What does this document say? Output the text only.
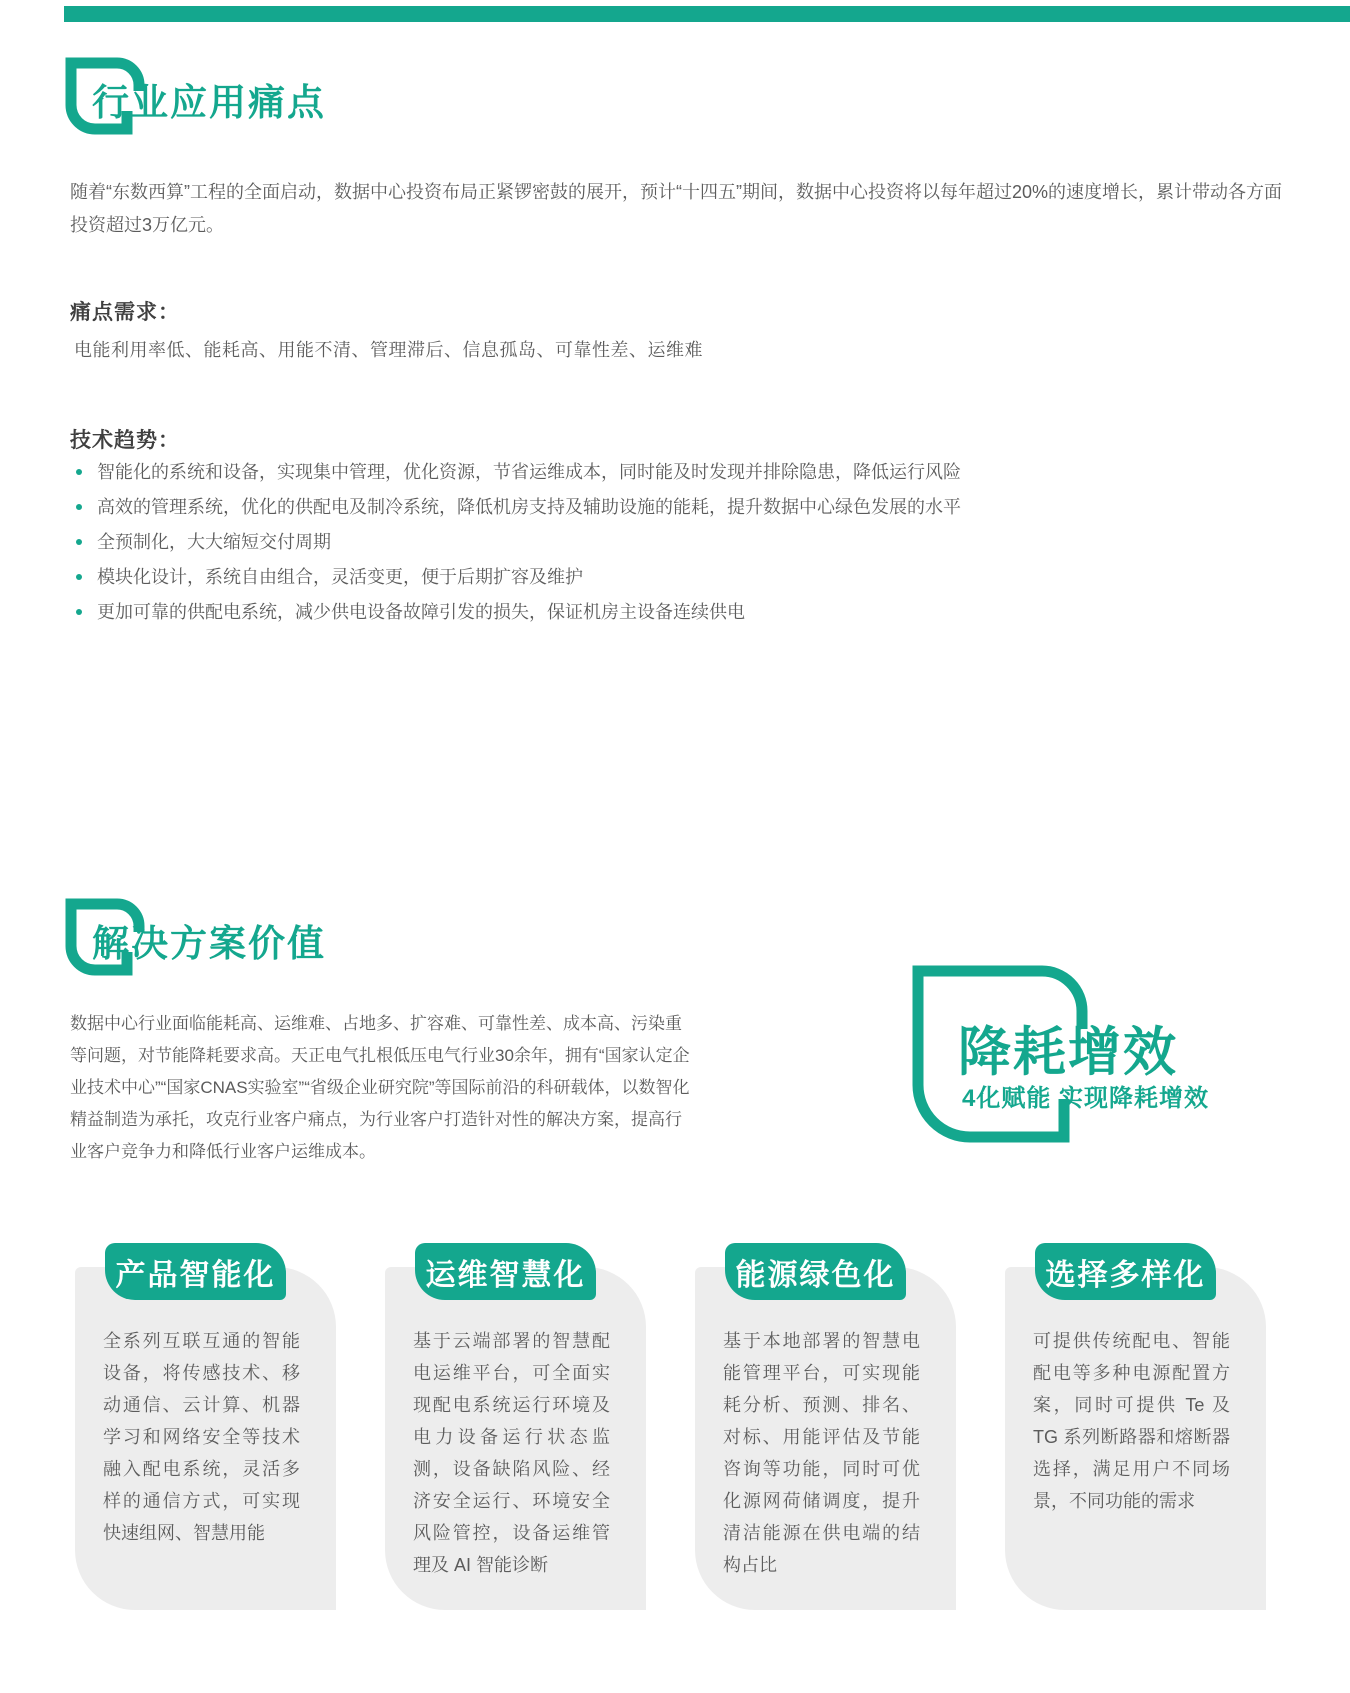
行业应用痛点

随着“东数西算”工程的全面启动，数据中心投资布局正紧锣密鼓的展开，预计“十四五”期间，数据中心投资将以每年超过20%的速度增长，累计带动各方面投资超过3万亿元。

痛点需求：

电能利用率低、能耗高、用能不清、管理滞后、信息孤岛、可靠性差、运维难

技术趋势：
智能化的系统和设备，实现集中管理，优化资源，节省运维成本，同时能及时发现并排除隐患，降低运行风险
高效的管理系统，优化的供配电及制冷系统，降低机房支持及辅助设施的能耗，提升数据中心绿色发展的水平
全预制化，大大缩短交付周期
模块化设计，系统自由组合，灵活变更，便于后期扩容及维护
更加可靠的供配电系统，减少供电设备故障引发的损失，保证机房主设备连续供电
解决方案价值

数据中心行业面临能耗高、运维难、占地多、扩容难、可靠性差、成本高、污染重等问题，对节能降耗要求高。天正电气扎根低压电气行业30余年，拥有“国家认定企业技术中心”“国家CNAS实验室”“省级企业研究院”等国际前沿的科研载体，以数智化精益制造为承托，攻克行业客户痛点，为行业客户打造针对性的解决方案，提高行业客户竞争力和降低行业客户运维成本。

降耗增效
4化赋能 实现降耗增效

全系列互联互通的智能设备，将传感技术、移动通信、云计算、机器学习和网络安全等技术融入配电系统，灵活多样的通信方式，可实现快速组网、智慧用能

产品智能化

基于云端部署的智慧配电运维平台，可全面实现配电系统运行环境及电力设备运行状态监测，设备缺陷风险、经济安全运行、环境安全风险管控，设备运维管理及 AI 智能诊断

运维智慧化

基于本地部署的智慧电能管理平台，可实现能耗分析、预测、排名、对标、用能评估及节能咨询等功能，同时可优化源网荷储调度，提升清洁能源在供电端的结构占比

能源绿色化

可提供传统配电、智能配电等多种电源配置方案，同时可提供 Te 及 TG 系列断路器和熔断器选择，满足用户不同场景，不同功能的需求

选择多样化
